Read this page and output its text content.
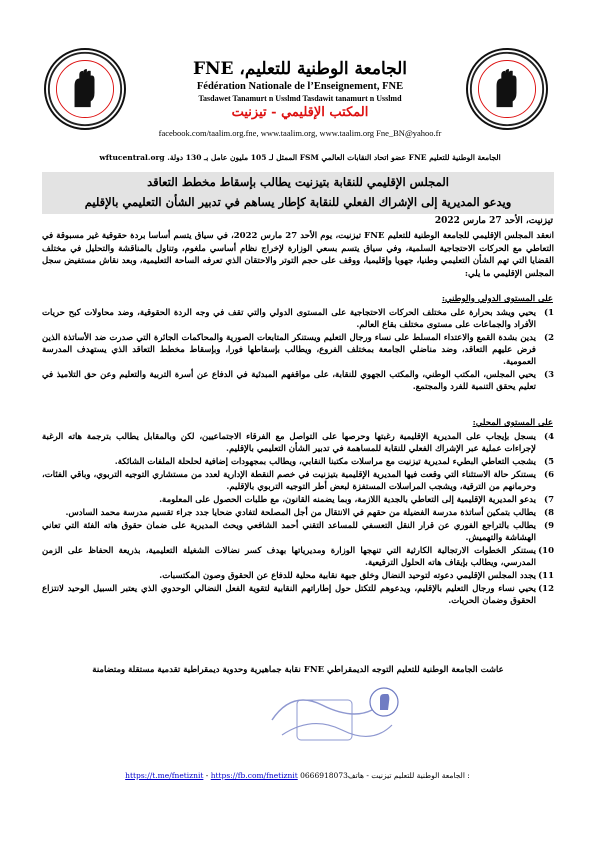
الجامعة الوطنية للتعليم، FNE
Fédération Nationale de l’Enseignement, FNE
Tasdawet Tanamurt n Usslmd Tasdawit tanamurt n Usslmd
المكتب الإقليمي - تيزنيت
facebook.com/taalim.org.fne, www.taalim.org, www.taalim.org Fne_BN@yahoo.fr
الجامعة الوطنية للتعليم FNE عضو اتحاد النقابات العالمي FSM الممثل لـ 105 مليون عامل بـ 130 دولة. wftucentral.org
المجلس الإقليمي للنقابة بتيزنيت يطالب بإسقاط مخطط التعاقد
ويدعو المديرية إلى الإشراك الفعلي للنقابة كإطار يساهم في تدبير الشأن التعليمي بالإقليم
تيزنيت، الأحد 27 مارس 2022
انعقد المجلس الإقليمي للجامعة الوطنية للتعليم FNE تيزنيت، يوم الأحد 27 مارس 2022، في سياق يتسم أساسا بردة حقوقية غير مسبوقة في التعاطي مع الحركات الاحتجاجية السلمية، وفي سياق يتسم بسعي الوزارة لإخراج نظام أساسي ملغوم، وتناول بالمناقشة والتحليل في مختلف القضايا التي تهم الشأن التعليمي وطنيا، جهويا وإقليميا، ووقف على حجم التوتر والاحتقان الذي تعرفه الساحة التعليمية، وبعد نقاش مستفيض سجل المجلس الإقليمي ما يلي:
على المستوى الدولي والوطني:
1)
يحيي ويشد بحرارة على مختلف الحركات الاحتجاجية على المستوى الدولي والتي تقف في وجه الردة الحقوقية، وضد محاولات كبح حريات الأفراد والجماعات على مستوى مختلف بقاع العالم.
2)
يدين بشدة القمع والاعتداء المسلط على نساء ورجال التعليم ويستنكر المتابعات الصورية والمحاكمات الجائرة التي صدرت ضد الأساتذة الذين فرض عليهم التعاقد، وضد مناضلي الجامعة بمختلف الفروع، ويطالب بإسقاطها فورا، وبإسقاط مخطط التعاقد الذي يستهدف المدرسة العمومية.
3)
يحيي المجلس، المكتب الوطني، والمكتب الجهوي للنقابة، على مواقفهم المبدئية في الدفاع عن أسرة التربية والتعليم وعن حق التلاميذ في تعليم يحقق التنمية للفرد والمجتمع.
على المستوى المحلي:
4)
يسجل بإيجاب على المديرية الإقليمية رغبتها وحرصها على التواصل مع الفرقاء الاجتماعيين، لكن وبالمقابل يطالب بترجمة هاته الرغبة لإجراءات عملية عبر الإشراك الفعلي للنقابة للمساهمة في تدبير الشأن التعليمي بالإقليم.
5)
يشجب التعاطي البطيء لمديرية تيزنيت مع مراسلات مكتبنا النقابي، ويطالب بمجهودات إضافية لحلحلة الملفات الشائكة.
6)
يستنكر حالة الاستثناء التي وقعت فيها المديرية الإقليمية بتيزنيت في خصم النقطة الإدارية لعدد من مستشاري التوجيه التربوي، وباقي الفئات، وحرمانهم من الترقية، ويشجب المراسلات المستفزة لبعض أطر التوجيه التربوي بالإقليم.
7)
يدعو المديرية الإقليمية إلى التعاطي بالجدية اللازمة، وبما يضمنه القانون، مع طلبات الحصول على المعلومة.
8)
يطالب بتمكين أساتذة مدرسة الفضيلة من حقهم في الانتقال من أجل المصلحة لتفادي ضحايا جدد جراء تقسيم مدرسة محمد السادس.
9)
يطالب بالتراجع الفوري عن قرار النقل التعسفي للمساعد التقني أحمد الشافعي ويحث المديرية على ضمان حقوق هاته الفئة التي تعاني الهشاشة والتهميش.
10)
يستنكر الخطوات الارتجالية الكارثية التي تنهجها الوزارة ومديرياتها بهدف كسر نضالات الشغيلة التعليمية، بذريعة الحفاظ على الزمن المدرسي، ويطالب بإيقاف هاته الحلول الترقيعية.
11)
يجدد المجلس الإقليمي دعوته لتوحيد النضال وخلق جبهة نقابية محلية للدفاع عن الحقوق وصون المكتسبات.
12)
يحيي نساء ورجال التعليم بالإقليم، ويدعوهم للتكتل حول إطاراتهم النقابية لتقوية الفعل النضالي الوحدوي الذي يعتبر السبيل الوحيد لانتزاع الحقوق وضمان الحريات.
عاشت الجامعة الوطنية للتعليم التوجه الديمقراطي FNE نقابة جماهيرية وحدوية ديمقراطية تقدمية مستقلة ومتضامنة
https://t.me/fnetiznit - https://fb.com/fnetiznit الجامعة الوطنية للتعليم تيزنيت - هاتف0666918073 :
